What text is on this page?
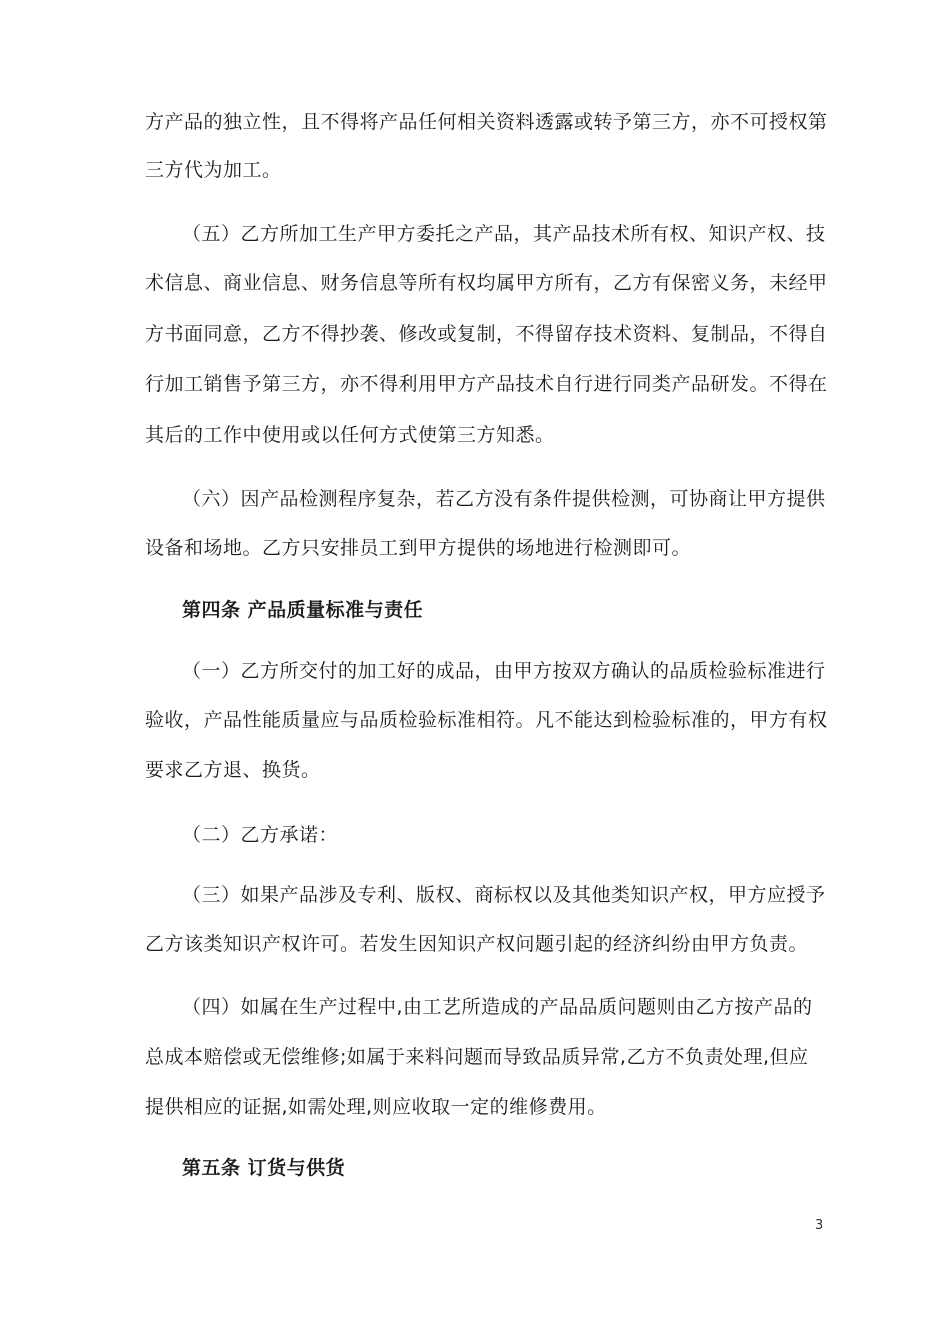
方产品的独立性，且不得将产品任何相关资料透露或转予第三方，亦不可授权第
三方代为加工。
（五）乙方所加工生产甲方委托之产品，其产品技术所有权、知识产权、技
术信息、商业信息、财务信息等所有权均属甲方所有，乙方有保密义务，未经甲
方书面同意，乙方不得抄袭、修改或复制，不得留存技术资料、复制品，不得自
行加工销售予第三方，亦不得利用甲方产品技术自行进行同类产品研发。不得在
其后的工作中使用或以任何方式使第三方知悉。
（六）因产品检测程序复杂，若乙方没有条件提供检测，可协商让甲方提供
设备和场地。乙方只安排员工到甲方提供的场地进行检测即可。
第四条 产品质量标准与责任
（一）乙方所交付的加工好的成品，由甲方按双方确认的品质检验标准进行
验收，产品性能质量应与品质检验标准相符。凡不能达到检验标准的，甲方有权
要求乙方退、换货。
（二）乙方承诺：
（三）如果产品涉及专利、版权、商标权以及其他类知识产权，甲方应授予
乙方该类知识产权许可。若发生因知识产权问题引起的经济纠纷由甲方负责。
（四）如属在生产过程中,由工艺所造成的产品品质问题则由乙方按产品的
总成本赔偿或无偿维修;如属于来料问题而导致品质异常,乙方不负责处理,但应
提供相应的证据,如需处理,则应收取一定的维修费用。
第五条 订货与供货
3
